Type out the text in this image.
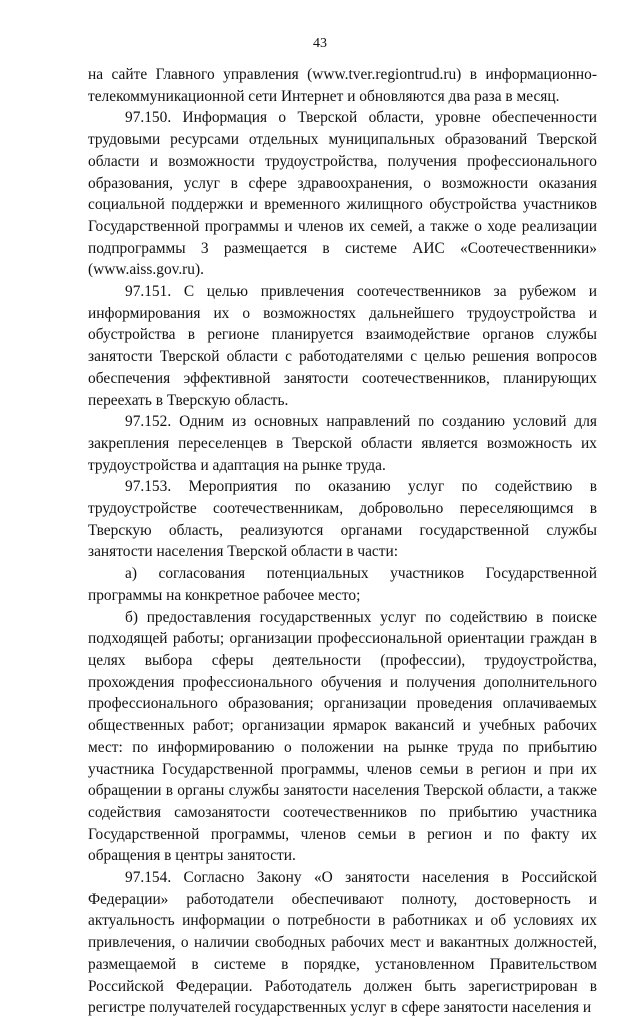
43

на сайте Главного управления (www.tver.regiontrud.ru) в информационно-телекоммуникационной сети Интернет и обновляются два раза в месяц.

97.150. Информация о Тверской области, уровне обеспеченности трудовыми ресурсами отдельных муниципальных образований Тверской области и возможности трудоустройства, получения профессионального образования, услуг в сфере здравоохранения, о возможности оказания социальной поддержки и временного жилищного обустройства участников Государственной программы и членов их семей, а также о ходе реализации подпрограммы 3 размещается в системе АИС «Соотечественники» (www.aiss.gov.ru).

97.151. С целью привлечения соотечественников за рубежом и информирования их о возможностях дальнейшего трудоустройства и обустройства в регионе планируется взаимодействие органов службы занятости Тверской области с работодателями с целью решения вопросов обеспечения эффективной занятости соотечественников, планирующих переехать в Тверскую область.

97.152. Одним из основных направлений по созданию условий для закрепления переселенцев в Тверской области является возможность их трудоустройства и адаптация на рынке труда.

97.153. Мероприятия по оказанию услуг по содействию в трудоустройстве соотечественникам, добровольно переселяющимся в Тверскую область, реализуются органами государственной службы занятости населения Тверской области в части:

а) согласования потенциальных участников Государственной программы на конкретное рабочее место;

б) предоставления государственных услуг по содействию в поиске подходящей работы; организации профессиональной ориентации граждан в целях выбора сферы деятельности (профессии), трудоустройства, прохождения профессионального обучения и получения дополнительного профессионального образования; организации проведения оплачиваемых общественных работ; организации ярмарок вакансий и учебных рабочих мест: по информированию о положении на рынке труда по прибытию участника Государственной программы, членов семьи в регион и при их обращении в органы службы занятости населения Тверской области, а также содействия самозанятости соотечественников по прибытию участника Государственной программы, членов семьи в регион и по факту их обращения в центры занятости.

97.154. Согласно Закону «О занятости населения в Российской Федерации» работодатели обеспечивают полноту, достоверность и актуальность информации о потребности в работниках и об условиях их привлечения, о наличии свободных рабочих мест и вакантных должностей, размещаемой в системе в порядке, установленном Правительством Российской Федерации. Работодатель должен быть зарегистрирован в регистре получателей государственных услуг в сфере занятости населения и
